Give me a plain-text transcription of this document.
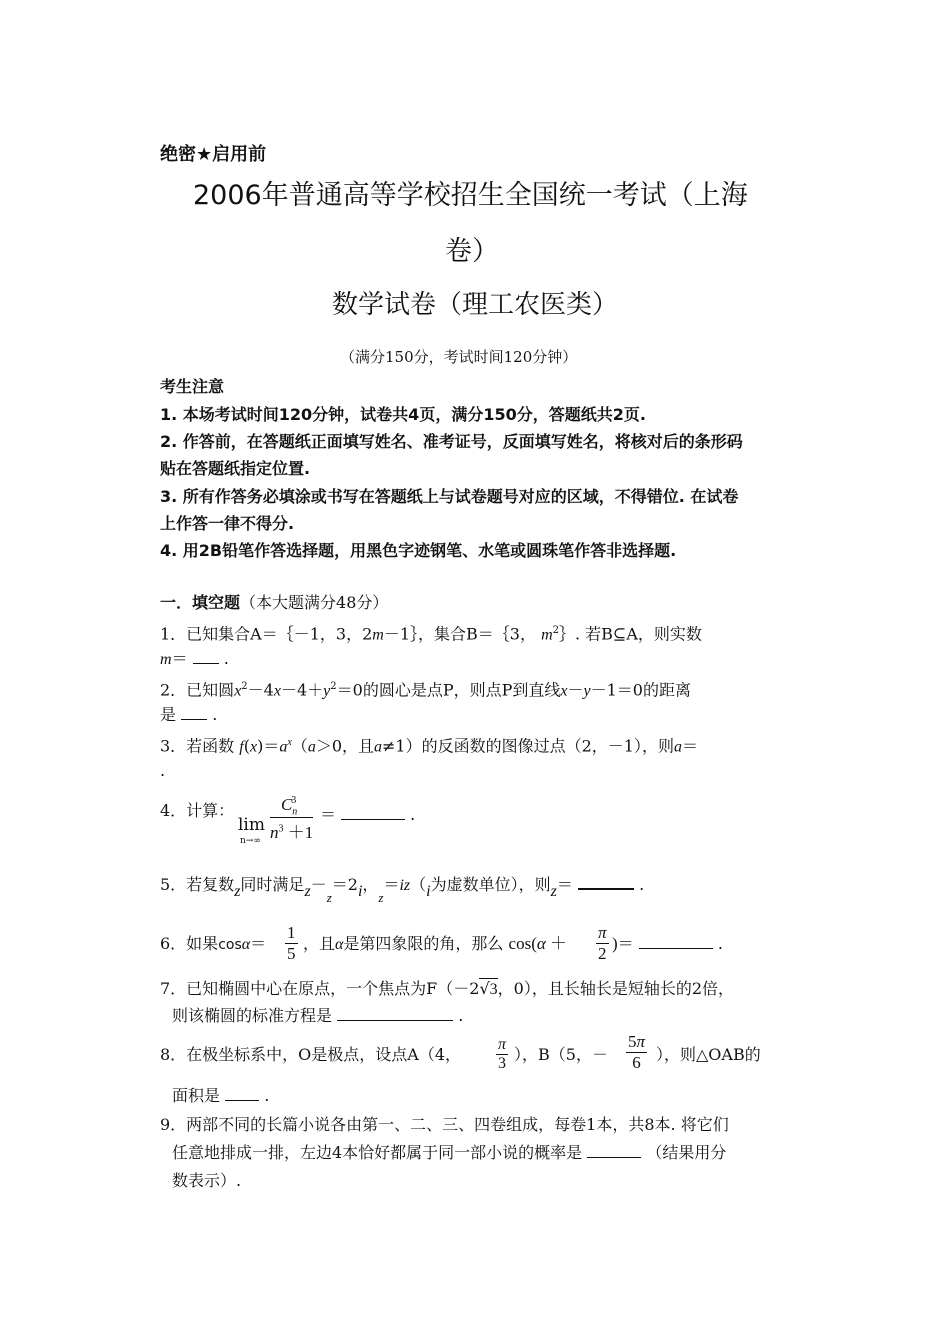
绝密★启用前
2006年普通高等学校招生全国统一考试（上海
卷）
数学试卷（理工农医类）
（满分150分，考试时间120分钟）
考生注意
1. 本场考试时间120分钟，试卷共4页，满分150分，答题纸共2页.
2. 作答前，在答题纸正面填写姓名、准考证号，反面填写姓名，将核对后的条形码
贴在答题纸指定位置.
3. 所有作答务必填涂或书写在答题纸上与试卷题号对应的区域，不得错位. 在试卷
上作答一律不得分.
4. 用2B铅笔作答选择题，用黑色字迹钢笔、水笔或圆珠笔作答非选择题.
一．填空题（本大题满分48分）
1．已知集合A＝｛－1，3，2m－1｝，集合B＝｛3， $m^2\}$. 若B⊆A，则实数
m＝  .
2．已知圆$x^2-4x-4+y^2=0$的圆心是点P，则点P到直线x－y－1＝0的距离
是  .
3．若函数 $f(x)=a^x(a>0$，且a≠1）的反函数的图像过点（2，－1），则a＝
.
4．计算：
lim
n→∞
$C_n^3$
$n^3 +1$
＝	.
5．若复数z同时满足$z-_z=2i$，$_z$＝iz（i为虚数单位），则z＝	.
6．如果cosα＝
1
5
，且α是第四象限的角，那么 cos(α ＋
π
2
)＝	.
7．已知椭圆中心在原点，一个焦点为F（－2√3，0），且长轴长是短轴长的2倍，
则该椭圆的标准方程是	.
8．在极坐标系中，O是极点，设点A（4，
π
3 ），B（5，－
5π
6 ），则△OAB的
面积是  .
9．两部不同的长篇小说各由第一、二、三、四卷组成，每卷1本，共8本. 将它们
任意地排成一排，左边4本恰好都属于同一部小说的概率是	（结果用分
数表示）.
